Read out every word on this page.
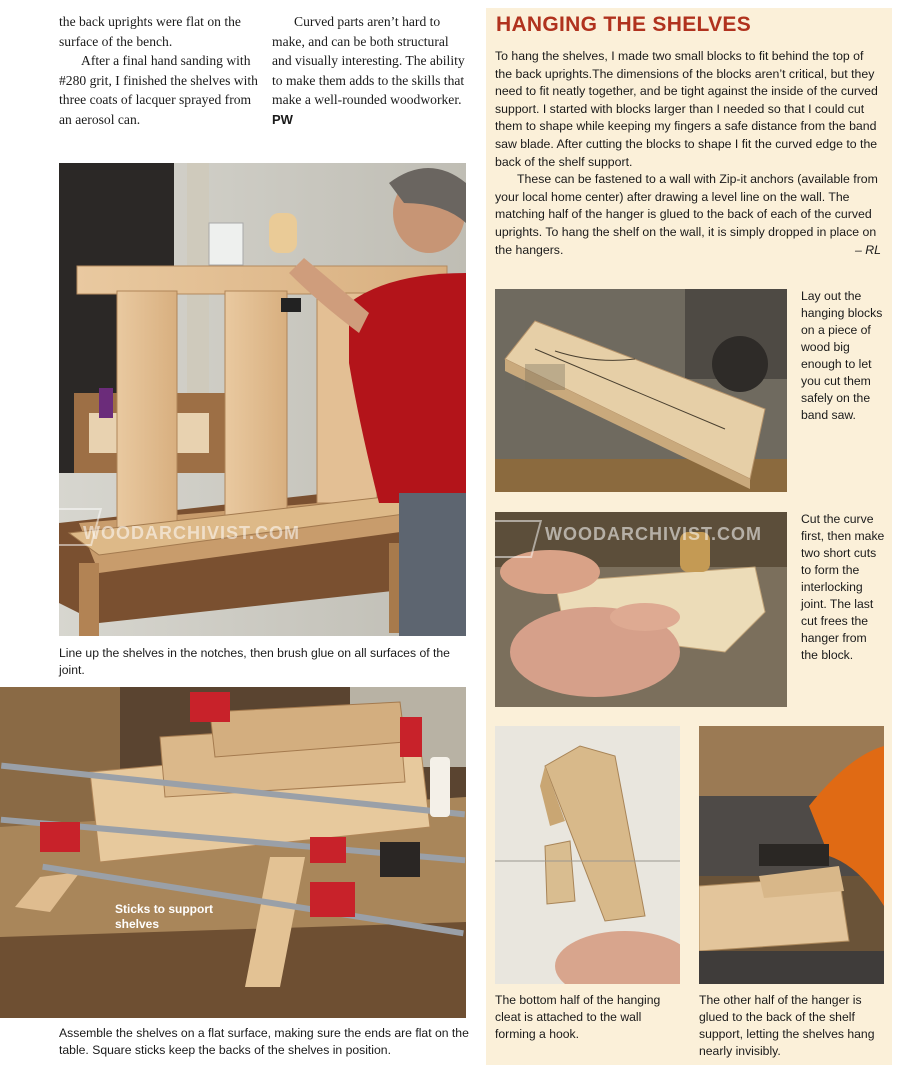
the back uprights were flat on the surface of the bench.

After a final hand sanding with #280 grit, I finished the shelves with three coats of lacquer sprayed from an aerosol can.

Curved parts aren’t hard to make, and can be both structural and visually interesting. The ability to make them adds to the skills that make a well-rounded woodworker. PW

WOODARCHIVIST.COM
Line up the shelves in the notches, then brush glue on all surfaces of the joint.
Sticks to support shelves
Assemble the shelves on a flat surface, making sure the ends are flat on the table. Square sticks keep the backs of the shelves in position.
HANGING THE SHELVES

To hang the shelves, I made two small blocks to fit behind the top of the back uprights.The dimensions of the blocks aren’t critical, but they need to fit neatly together, and be tight against the inside of the curved support. I started with blocks larger than I needed so that I could cut them to shape while keeping my fingers a safe distance from the band saw blade. After cutting the blocks to shape I fit the curved edge to the back of the shelf support.

These can be fastened to a wall with Zip-it anchors (available from your local home center) after drawing a level line on the wall. The matching half of the hanger is glued to the back of each of the curved uprights. To hang the shelf on the wall, it is simply dropped in place on the hangers.	– RL

Lay out the hanging blocks on a piece of wood big enough to let you cut them safely on the band saw.
WOODARCHIVIST.COM
Cut the curve first, then make two short cuts to form the interlocking joint. The last cut frees the hanger from the block.
The bottom half of the hanging cleat is attached to the wall forming a hook.
The other half of the hanger is glued to the back of the shelf support, letting the shelves hang nearly invisibly.
